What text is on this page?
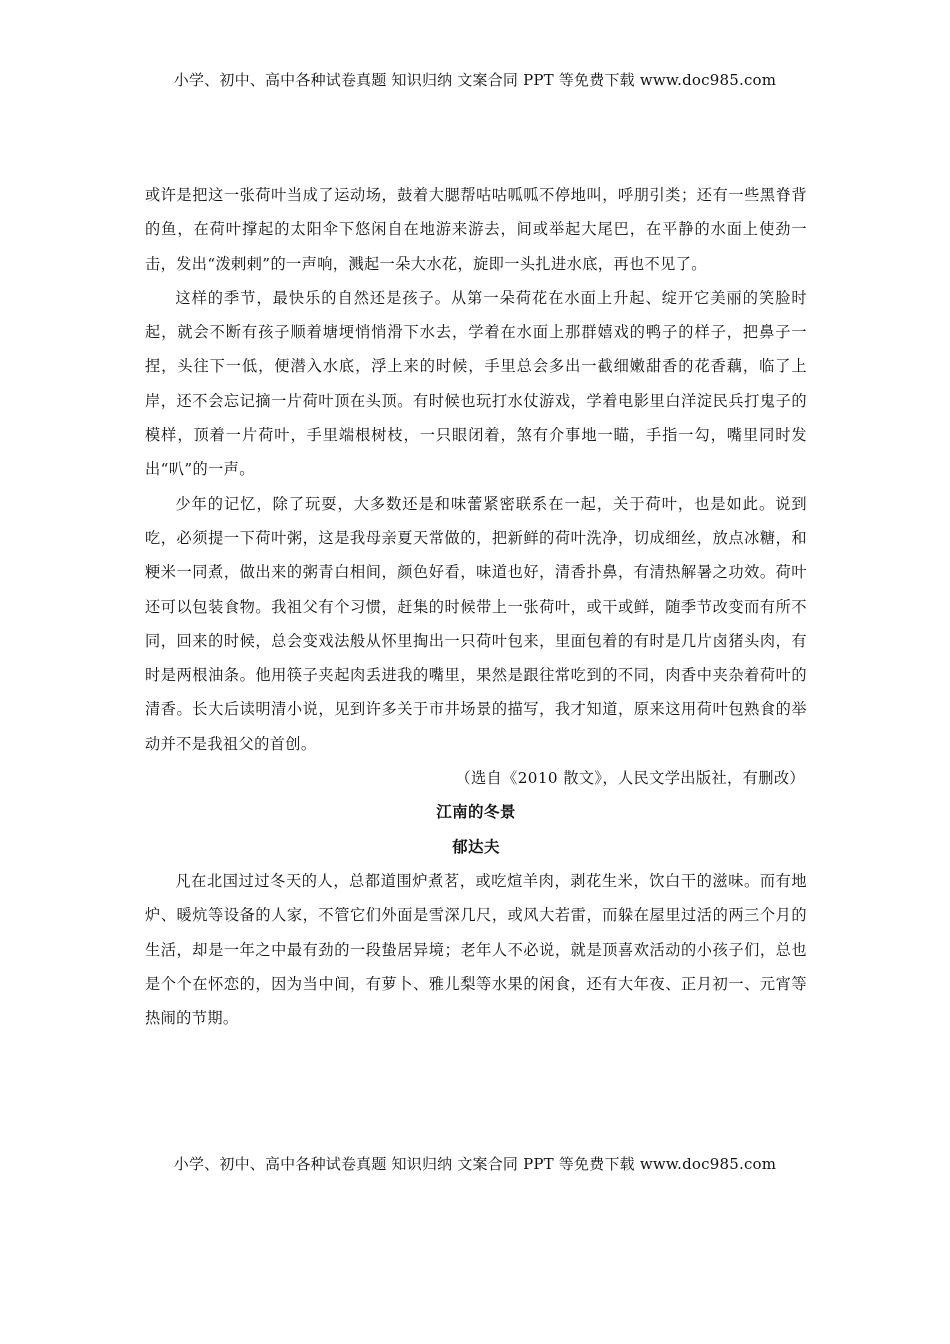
小学、初中、高中各种试卷真题 知识归纳 文案合同 PPT 等免费下载 www.doc985.com

或许是把这一张荷叶当成了运动场，鼓着大腮帮咕咕呱呱不停地叫，呼朋引类；还有一些黑脊背的鱼，在荷叶撑起的太阳伞下悠闲自在地游来游去，间或举起大尾巴，在平静的水面上使劲一击，发出“泼剌剌”的一声响，溅起一朵大水花，旋即一头扎进水底，再也不见了。

这样的季节，最快乐的自然还是孩子。从第一朵荷花在水面上升起、绽开它美丽的笑脸时起，就会不断有孩子顺着塘埂悄悄滑下水去，学着在水面上那群嬉戏的鸭子的样子，把鼻子一捏，头往下一低，便潜入水底，浮上来的时候，手里总会多出一截细嫩甜香的花香藕，临了上岸，还不会忘记摘一片荷叶顶在头顶。有时候也玩打水仗游戏，学着电影里白洋淀民兵打鬼子的模样，顶着一片荷叶，手里端根树枝，一只眼闭着，煞有介事地一瞄，手指一勾，嘴里同时发出“叭”的一声。

少年的记忆，除了玩耍，大多数还是和味蕾紧密联系在一起，关于荷叶，也是如此。说到吃，必须提一下荷叶粥，这是我母亲夏天常做的，把新鲜的荷叶洗净，切成细丝，放点冰糖，和粳米一同煮，做出来的粥青白相间，颜色好看，味道也好，清香扑鼻，有清热解暑之功效。荷叶还可以包装食物。我祖父有个习惯，赶集的时候带上一张荷叶，或干或鲜，随季节改变而有所不同，回来的时候，总会变戏法般从怀里掏出一只荷叶包来，里面包着的有时是几片卤猪头肉，有时是两根油条。他用筷子夹起肉丢进我的嘴里，果然是跟往常吃到的不同，肉香中夹杂着荷叶的清香。长大后读明清小说，见到许多关于市井场景的描写，我才知道，原来这用荷叶包熟食的举动并不是我祖父的首创。

（选自《2010 散文》，人民文学出版社，有删改）

江南的冬景

郁达夫

凡在北国过过冬天的人，总都道围炉煮茗，或吃煊羊肉，剥花生米，饮白干的滋味。而有地炉、暖炕等设备的人家，不管它们外面是雪深几尺，或风大若雷，而躲在屋里过活的两三个月的生活，却是一年之中最有劲的一段蛰居异境；老年人不必说，就是顶喜欢活动的小孩子们，总也是个个在怀恋的，因为当中间，有萝卜、雅儿梨等水果的闲食，还有大年夜、正月初一、元宵等热闹的节期。

小学、初中、高中各种试卷真题 知识归纳 文案合同 PPT 等免费下载 www.doc985.com
